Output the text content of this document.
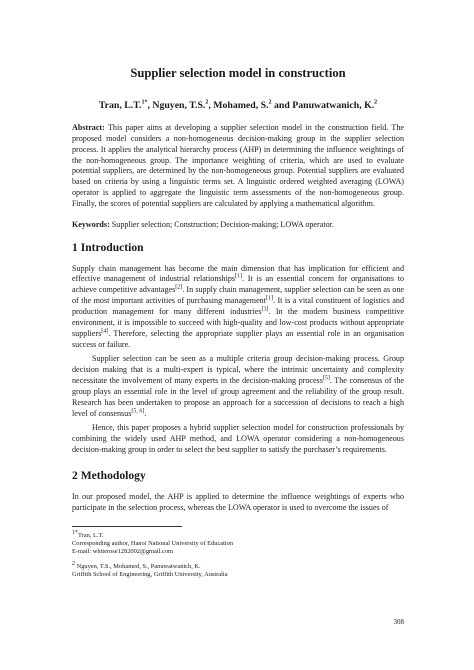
Supplier selection model in construction
Tran, L.T.$^{1*}$, Nguyen, T.S.$^2$, Mohamed, S.$^2$ and Panuwatwanich, K.$^2$

Abstract: This paper aims at developing a supplier selection model in the construction field. The proposed model considers a non-homogeneous decision-making group in the supplier selection process. It applies the analytical hierarchy process (AHP) in determining the influence weightings of the non-homogeneous group. The importance weighting of criteria, which are used to evaluate potential suppliers, are determined by the non-homogeneous group. Potential suppliers are evaluated based on criteria by using a linguistic terms set. A linguistic ordered weighted averaging (LOWA) operator is applied to aggregate the linguistic term assessments of the non-homogeneous group. Finally, the scores of potential suppliers are calculated by applying a mathematical algorithm.

Keywords: Supplier selection; Construction; Decision-making; LOWA operator.

1 Introduction

Supply chain management has become the main dimension that has implication for efficient and effective management of industrial relationships[1]. It is an essential concern for organisations to achieve competitive advantages[2]. In supply chain management, supplier selection can be seen as one of the most important activities of purchasing management[1]. It is a vital constituent of logistics and production management for many different industries[3]. In the modern business competitive environment, it is impossible to succeed with high-quality and low-cost products without appropriate suppliers[4]. Therefore, selecting the appropriate supplier plays an essential role in an organisation success or failure.

Supplier selection can be seen as a multiple criteria group decision-making process. Group decision making that is a multi-expert is typical, where the intrinsic uncertainty and complexity necessitate the involvement of many experts in the decision-making process[5]. The consensus of the group plays an essential role in the level of group agreement and the reliability of the group result. Research has been undertaken to propose an approach for a succession of decisions to reach a high level of consensus[5, 6].

Hence, this paper proposes a hybrid supplier selection model for construction professionals by combining the widely used AHP method, and LOWA operator considering a non-homogeneous decision-making group in order to select the best supplier to satisfy the purchaser’s requirements.

2 Methodology

In our proposed model, the AHP is applied to determine the influence weightings of experts who participate in the selection process, whereas the LOWA operator is used to overcome the issues of

$^{1*}$Tran, L.T.
Corresponding author, Hanoi National University of Education
E-mail: whiterose1282002@gmail.com
$^2$ Nguyen, T.S., Mohamed, S., Panuwatwanich, K.
Griffith School of Engineering, Griffith University, Australia
308
